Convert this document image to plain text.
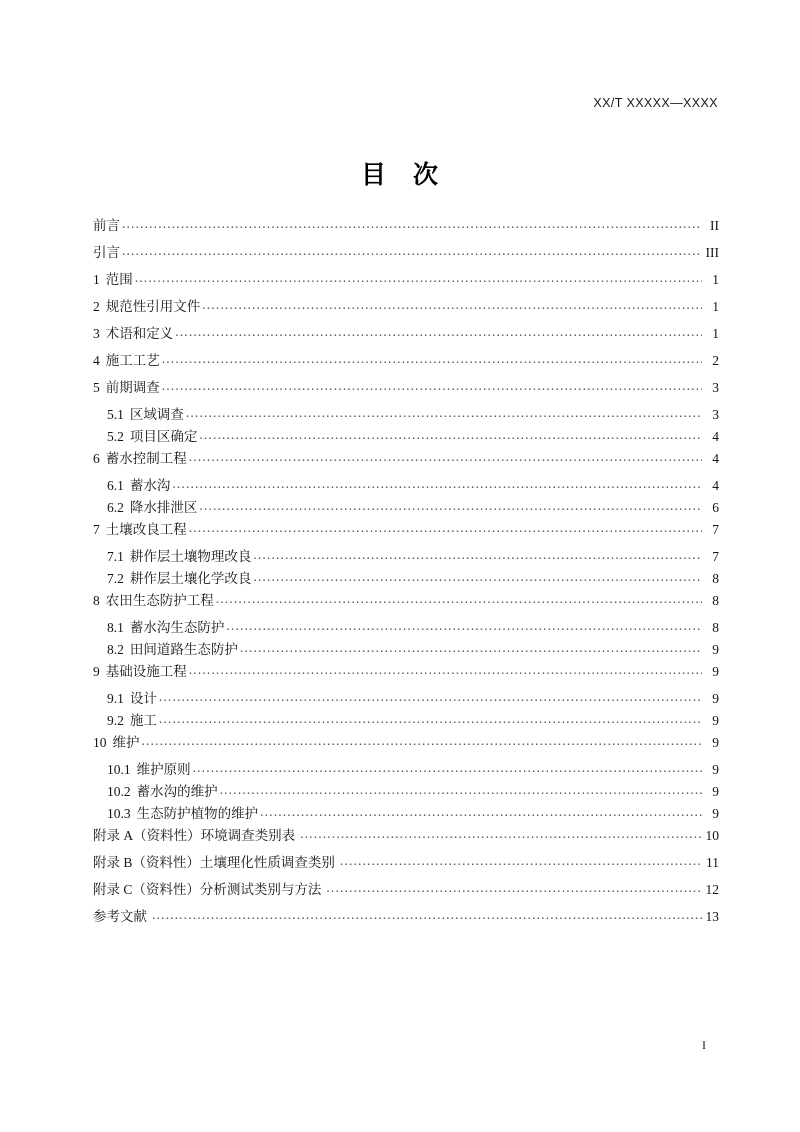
XX/T XXXXX—XXXX
目 次
前言 .....	II
引言 .....	III
1 范围 .....	1
2 规范性引用文件 .....	1
3 术语和定义 .....	1
4 施工工艺 .....	2
5 前期调查 .....	3
5.1 区域调查 .....	3
5.2 项目区确定 .....	4
6 蓄水控制工程 .....	4
6.1 蓄水沟 .....	4
6.2 降水排泄区 .....	6
7 土壤改良工程 .....	7
7.1 耕作层土壤物理改良 .....	7
7.2 耕作层土壤化学改良 .....	8
8 农田生态防护工程 .....	8
8.1 蓄水沟生态防护 .....	8
8.2 田间道路生态防护 .....	9
9 基础设施工程 .....	9
9.1 设计 .....	9
9.2 施工 .....	9
10 维护 .....	9
10.1 维护原则 .....	9
10.2 蓄水沟的维护 .....	9
10.3 生态防护植物的维护 .....	9
附录 A（资料性）环境调查类别表 .....	10
附录 B（资料性）土壤理化性质调查类别 .....	11
附录 C（资料性）分析测试类别与方法 .....	12
参考文献 .....	13
I
